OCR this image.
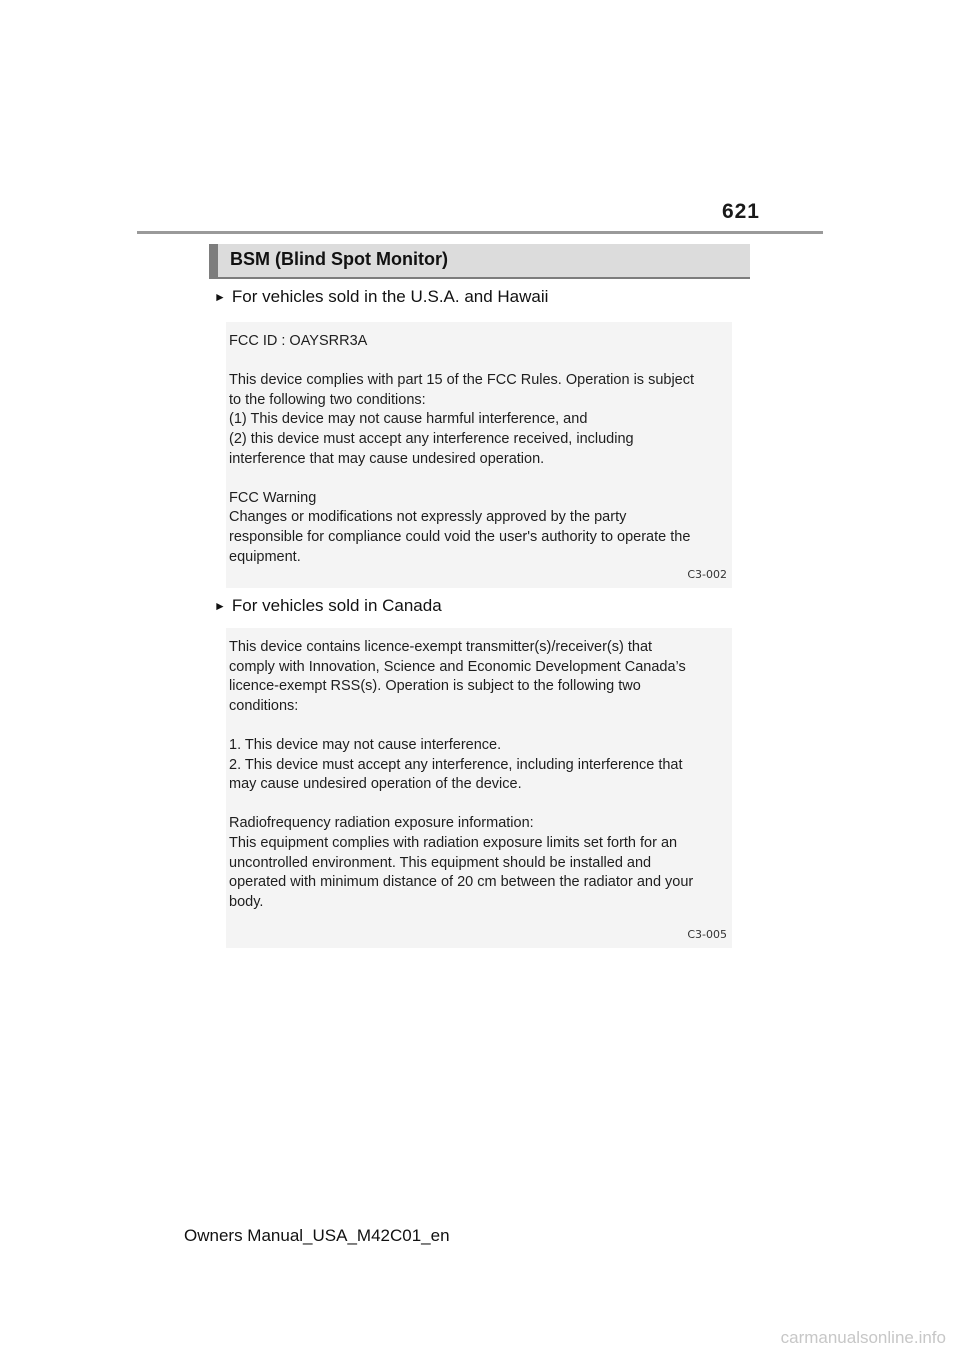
621
BSM (Blind Spot Monitor)
► For vehicles sold in the U.S.A. and Hawaii

FCC ID : OAYSRR3A

This device complies with part 15 of the FCC Rules. Operation is subject

to the following two conditions:

(1) This device may not cause harmful interference, and

(2) this device must accept any interference received, including

interference that may cause undesired operation.

FCC Warning

Changes or modifications not expressly approved by the party

responsible for compliance could void the user's authority to operate the

equipment.

C3-002
► For vehicles sold in Canada

This device contains licence-exempt transmitter(s)/receiver(s) that

comply with Innovation, Science and Economic Development Canada’s

licence-exempt RSS(s). Operation is subject to the following two

conditions:

1. This device may not cause interference.

2. This device must accept any interference, including interference that

may cause undesired operation of the device.

Radiofrequency radiation exposure information:

This equipment complies with radiation exposure limits set forth for an

uncontrolled environment. This equipment should be installed and

operated with minimum distance of 20 cm between the radiator and your

body.

C3-005
Owners Manual_USA_M42C01_en
carmanualsonline.info
